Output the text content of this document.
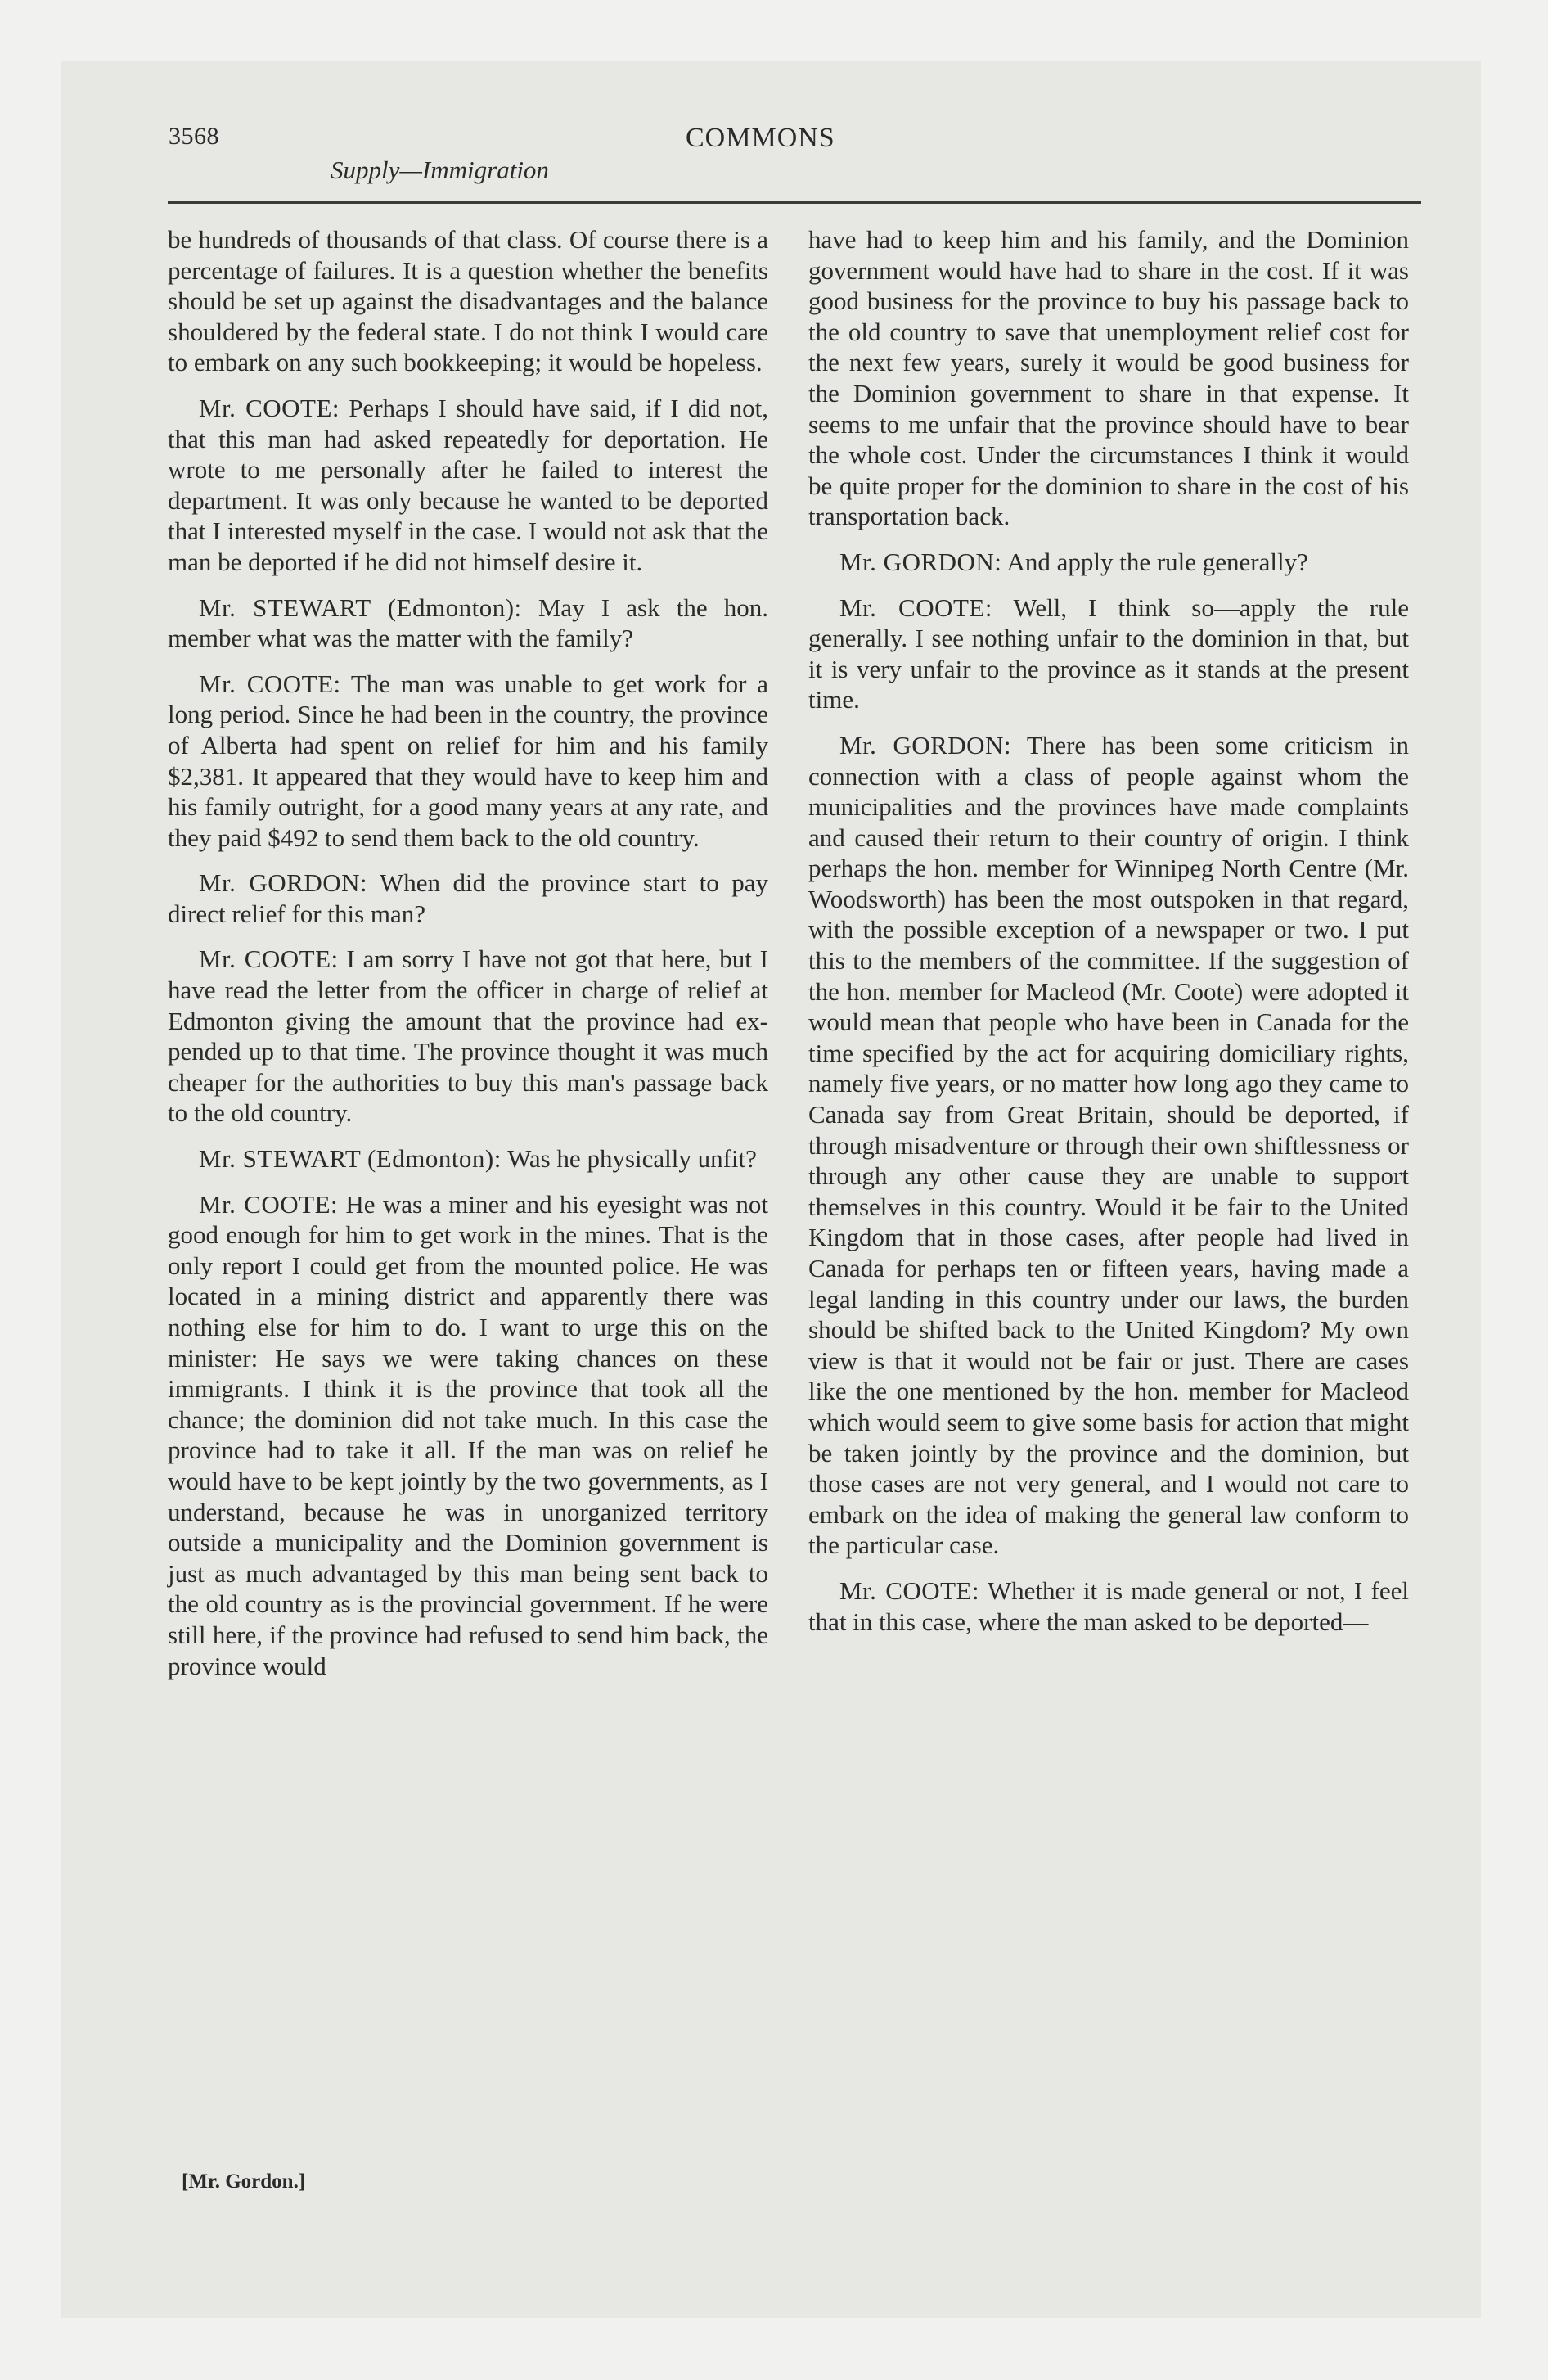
3568
Supply—Immigration
COMMONS

be hundreds of thousands of that class. Of course there is a percentage of failures. It is a question whether the benefits should be set up against the disadvantages and the balance shouldered by the federal state. I do not think I would care to embark on any such bookkeeping; it would be hopeless.

Mr. COOTE: Perhaps I should have said, if I did not, that this man had asked repeatedly for deportation. He wrote to me personally after he failed to interest the department. It was only because he wanted to be deported that I interested myself in the case. I would not ask that the man be deported if he did not himself desire it.

Mr. STEWART (Edmonton): May I ask the hon. member what was the matter with the family?

Mr. COOTE: The man was unable to get work for a long period. Since he had been in the country, the province of Alberta had spent on relief for him and his family $2,381. It appeared that they would have to keep him and his family outright, for a good many years at any rate, and they paid $492 to send them back to the old country.

Mr. GORDON: When did the province start to pay direct relief for this man?

Mr. COOTE: I am sorry I have not got that here, but I have read the letter from the officer in charge of relief at Edmonton giving the amount that the province had expended up to that time. The province thought it was much cheaper for the authorities to buy this man's passage back to the old country.

Mr. STEWART (Edmonton): Was he physically unfit?

Mr. COOTE: He was a miner and his eyesight was not good enough for him to get work in the mines. That is the only report I could get from the mounted police. He was located in a mining district and apparently there was nothing else for him to do. I want to urge this on the minister: He says we were taking chances on these immigrants. I think it is the province that took all the chance; the dominion did not take much. In this case the province had to take it all. If the man was on relief he would have to be kept jointly by the two governments, as I understand, because he was in unorganized territory outside a municipality and the Dominion government is just as much advantaged by this man being sent back to the old country as is the provincial government. If he were still here, if the province had refused to send him back, the province would

have had to keep him and his family, and the Dominion government would have had to share in the cost. If it was good business for the province to buy his passage back to the old country to save that unemployment relief cost for the next few years, surely it would be good business for the Dominion government to share in that expense. It seems to me unfair that the province should have to bear the whole cost. Under the circumstances I think it would be quite proper for the dominion to share in the cost of his transportation back.

Mr. GORDON: And apply the rule generally?

Mr. COOTE: Well, I think so—apply the rule generally. I see nothing unfair to the dominion in that, but it is very unfair to the province as it stands at the present time.

Mr. GORDON: There has been some criticism in connection with a class of people against whom the municipalities and the provinces have made complaints and caused their return to their country of origin. I think perhaps the hon. member for Winnipeg North Centre (Mr. Woodsworth) has been the most outspoken in that regard, with the possible exception of a newspaper or two. I put this to the members of the committee. If the suggestion of the hon. member for Macleod (Mr. Coote) were adopted it would mean that people who have been in Canada for the time specified by the act for acquiring domiciliary rights, namely five years, or no matter how long ago they came to Canada say from Great Britain, should be deported, if through misadventure or through their own shiftlessness or through any other cause they are unable to support themselves in this country. Would it be fair to the United Kingdom that in those cases, after people had lived in Canada for perhaps ten or fifteen years, having made a legal landing in this country under our laws, the burden should be shifted back to the United Kingdom? My own view is that it would not be fair or just. There are cases like the one mentioned by the hon. member for Macleod which would seem to give some basis for action that might be taken jointly by the province and the dominion, but those cases are not very general, and I would not care to embark on the idea of making the general law conform to the particular case.

Mr. COOTE: Whether it is made general or not, I feel that in this case, where the man asked to be deported—

[Mr. Gordon.]
